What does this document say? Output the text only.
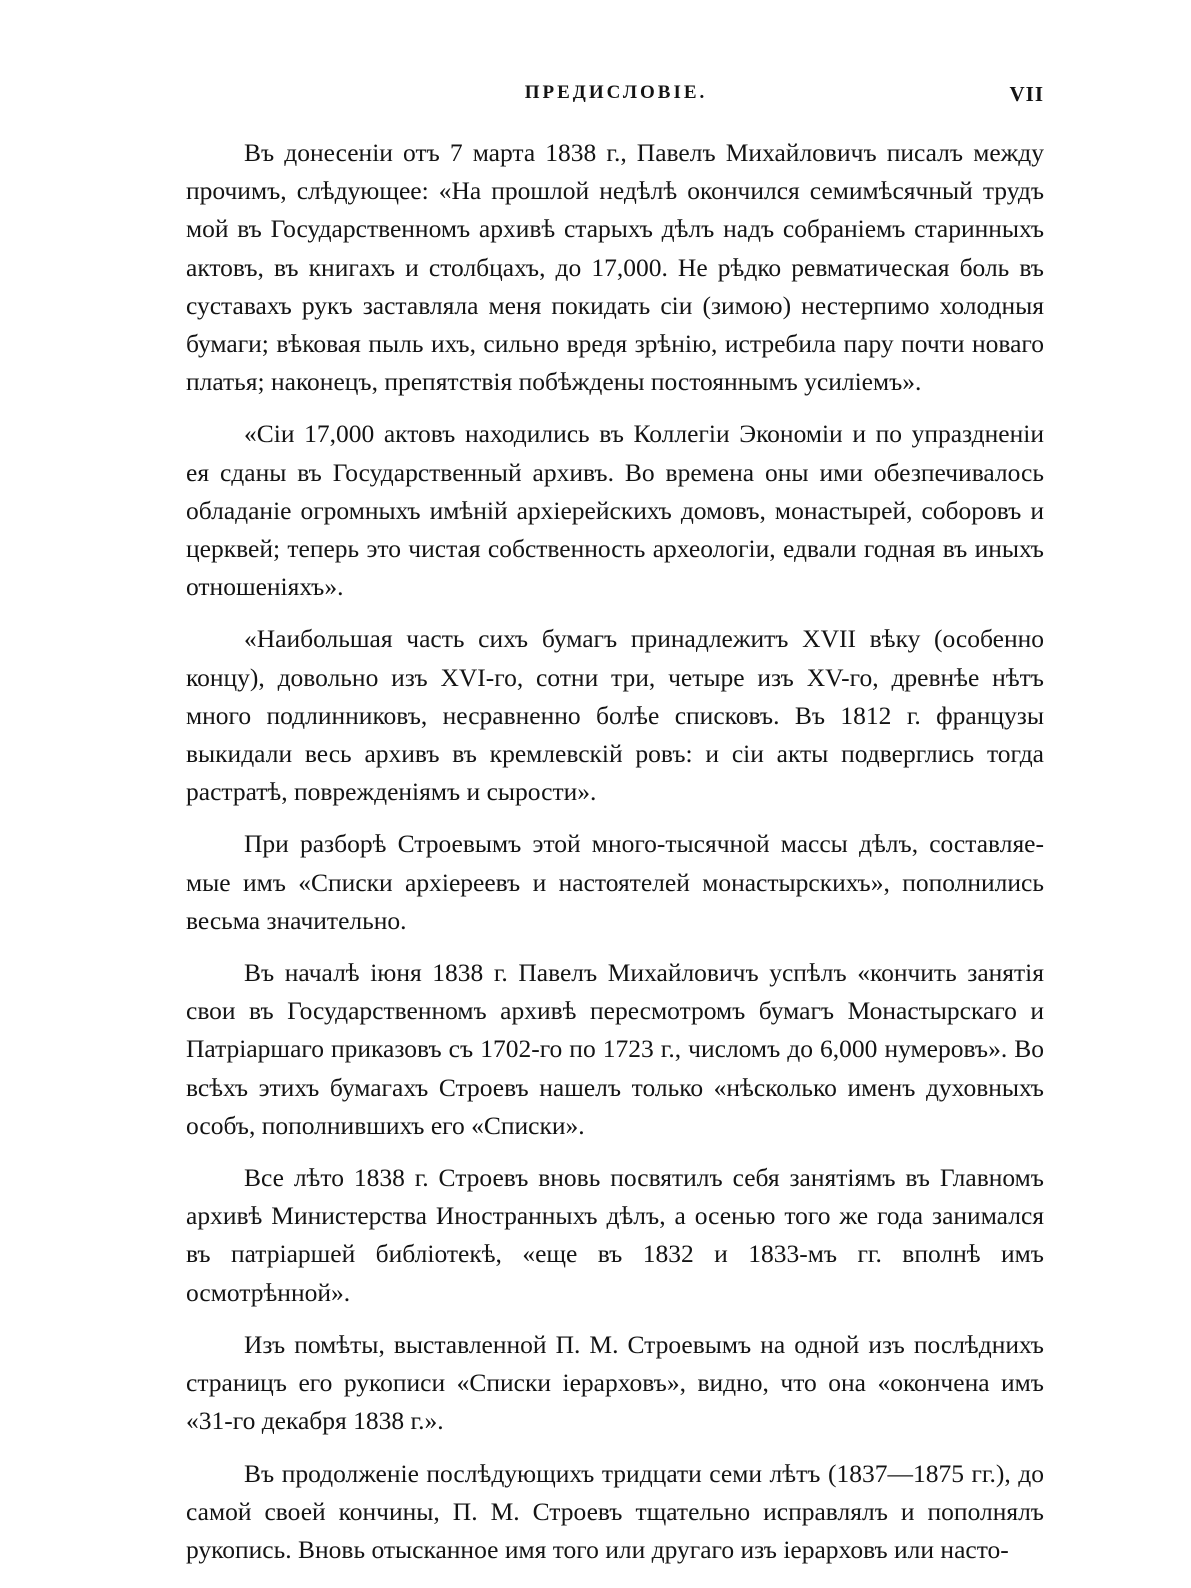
ПРЕДИСЛОВІЕ.	VII

Въ донесеніи отъ 7 марта 1838 г., Павелъ Михайловичъ писалъ между прочимъ, слѣдующее: «На прошлой недѣлѣ окончился семимѣсячный трудъ мой въ Государственномъ архивѣ старыхъ дѣлъ надъ собраніемъ старинныхъ актовъ, въ книгахъ и столбцахъ, до 17,000. Не рѣдко ревматическая боль въ суставахъ рукъ заставляла меня покидать сіи (зимою) нестерпимо холодныя бумаги; вѣковая пыль ихъ, сильно вредя зрѣнію, истребила пару почти новаго платья; наконецъ, препятствія побѣждены постояннымъ усиліемъ».

«Сіи 17,000 актовъ находились въ Коллегіи Экономіи и по упраздненіи ея сданы въ Государственный архивъ. Во времена оны ими обезпечивалось обладаніе огромныхъ имѣній архіерейскихъ домовъ, монастырей, соборовъ и церквей; теперь это чистая собственность археологіи, едвали годная въ иныхъ отношеніяхъ».

«Наибольшая часть сихъ бумагъ принадлежитъ XVII вѣку (особенно концу), довольно изъ XVI-го, сотни три, четыре изъ XV-го, древнѣе нѣтъ много подлинниковъ, несравненно болѣе списковъ. Въ 1812 г. французы выкидали весь архивъ въ кремлевскій ровъ: и сіи акты подверглись тогда растратѣ, поврежденіямъ и сырости».

При разборѣ Строевымъ этой много-тысячной массы дѣлъ, составляемые имъ «Списки архіереевъ и настоятелей монастырскихъ», пополнились весьма значительно.

Въ началѣ іюня 1838 г. Павелъ Михайловичъ успѣлъ «кончить занятія свои въ Государственномъ архивѣ пересмотромъ бумагъ Монастырскаго и Патріаршаго приказовъ съ 1702-го по 1723 г., числомъ до 6,000 нумеровъ». Во всѣхъ этихъ бумагахъ Строевъ нашелъ только «нѣсколько именъ духовныхъ особъ, пополнившихъ его «Списки».

Все лѣто 1838 г. Строевъ вновь посвятилъ себя занятіямъ въ Главномъ архивѣ Министерства Иностранныхъ дѣлъ, а осенью того же года занимался въ патріаршей библіотекѣ, «еще въ 1832 и 1833-мъ гг. вполнѣ имъ осмотрѣнной».

Изъ помѣты, выставленной П. М. Строевымъ на одной изъ послѣднихъ страницъ его рукописи «Списки іерарховъ», видно, что она «окончена имъ «31-го декабря 1838 г.».

Въ продолженіе послѣдующихъ тридцати семи лѣтъ (1837—1875 гг.), до самой своей кончины, П. М. Строевъ тщательно исправлялъ и пополнялъ рукопись. Вновь отысканное имя того или другаго изъ іерарховъ или насто-
